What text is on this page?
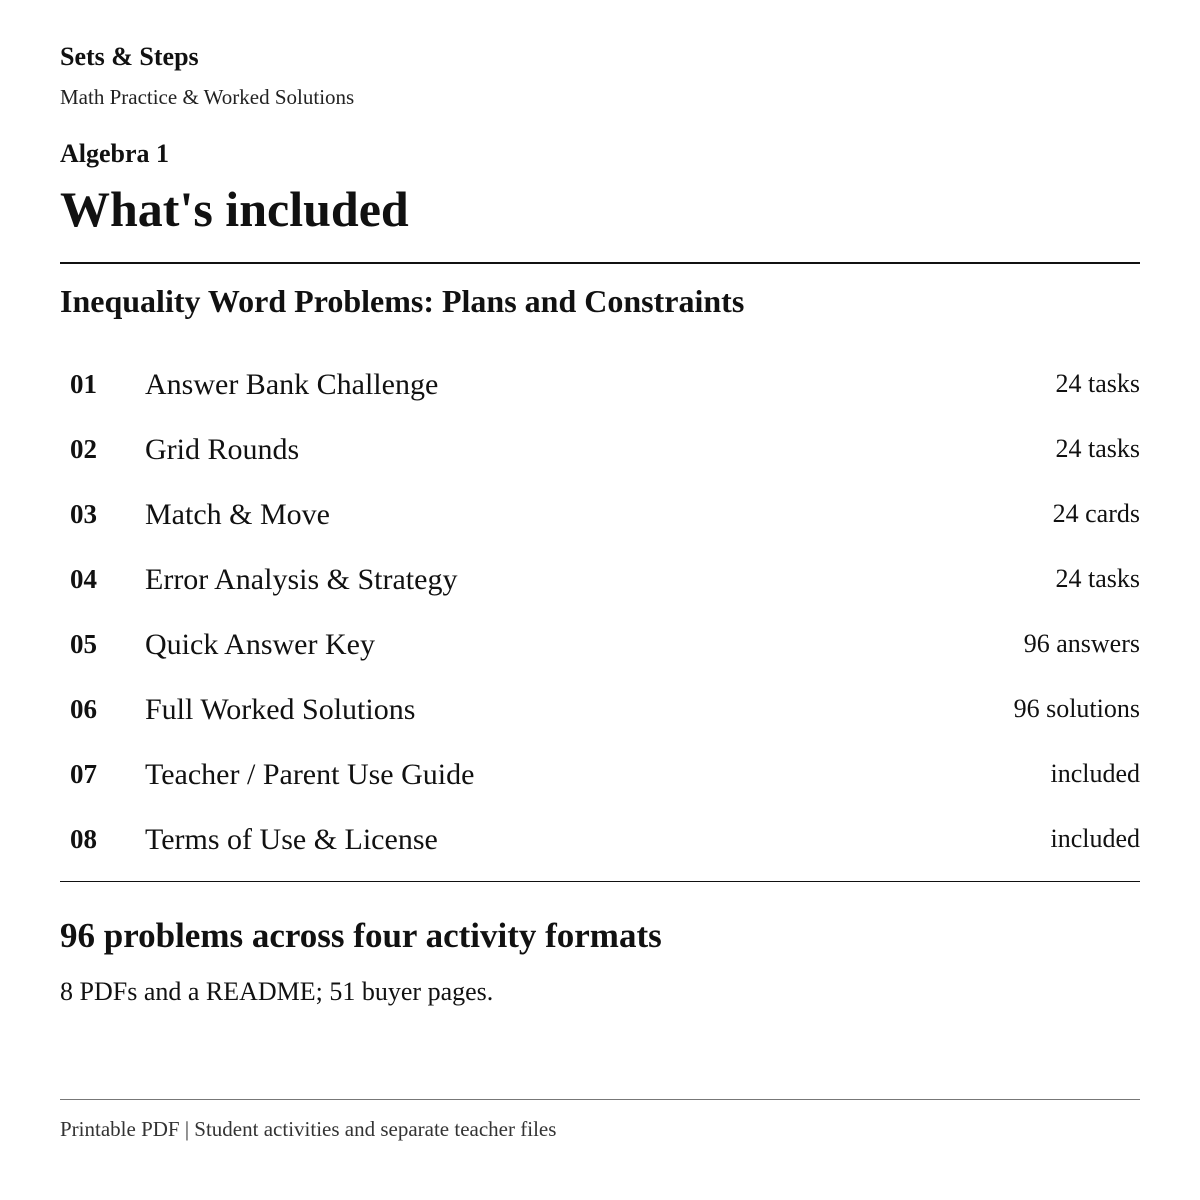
Sets & Steps
Math Practice & Worked Solutions
Algebra 1
What's included
Inequality Word Problems: Plans and Constraints
01 Answer Bank Challenge	24 tasks
02 Grid Rounds	24 tasks
03 Match & Move	24 cards
04 Error Analysis & Strategy	24 tasks
05 Quick Answer Key	96 answers
06 Full Worked Solutions	96 solutions
07 Teacher / Parent Use Guide	included
08 Terms of Use & License	included
96 problems across four activity formats

8 PDFs and a README; 51 buyer pages.

Printable PDF | Student activities and separate teacher files
